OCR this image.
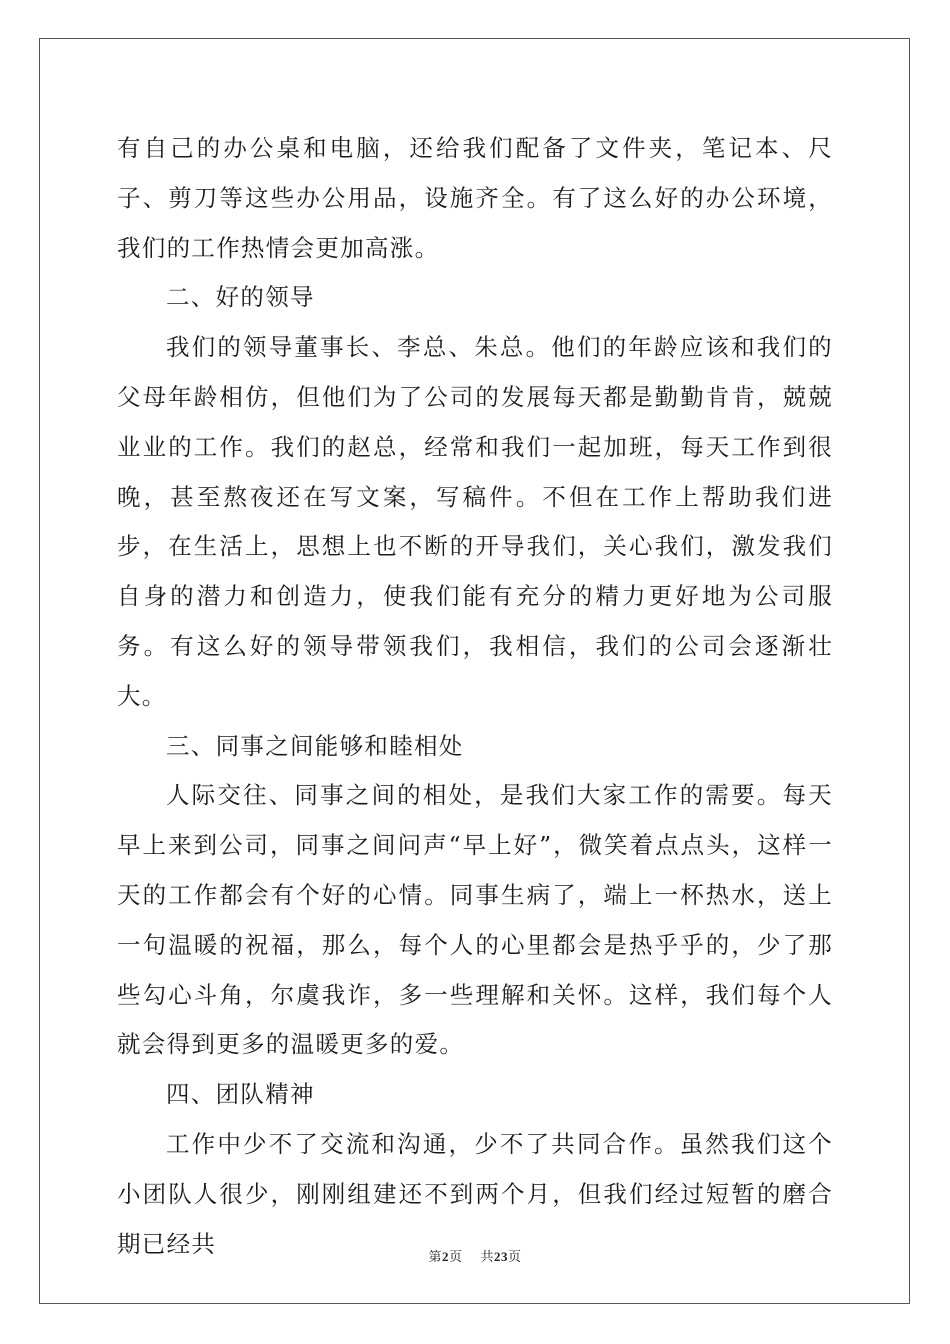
有自己的办公桌和电脑，还给我们配备了文件夹，笔记本、尺子、剪刀等这些办公用品，设施齐全。有了这么好的办公环境，我们的工作热情会更加高涨。

二、好的领导

我们的领导董事长、李总、朱总。他们的年龄应该和我们的父母年龄相仿，但他们为了公司的发展每天都是勤勤肯肯，兢兢业业的工作。我们的赵总，经常和我们一起加班，每天工作到很晚，甚至熬夜还在写文案，写稿件。不但在工作上帮助我们进步，在生活上，思想上也不断的开导我们，关心我们，激发我们自身的潜力和创造力，使我们能有充分的精力更好地为公司服务。有这么好的领导带领我们，我相信，我们的公司会逐渐壮大。

三、同事之间能够和睦相处

人际交往、同事之间的相处，是我们大家工作的需要。每天早上来到公司，同事之间问声“早上好”，微笑着点点头，这样一天的工作都会有个好的心情。同事生病了，端上一杯热水，送上一句温暖的祝福，那么，每个人的心里都会是热乎乎的，少了那些勾心斗角，尔虞我诈，多一些理解和关怀。这样，我们每个人就会得到更多的温暖更多的爱。

四、团队精神

工作中少不了交流和沟通，少不了共同合作。虽然我们这个小团队人很少，刚刚组建还不到两个月，但我们经过短暂的磨合期已经共	第2页 共23页
